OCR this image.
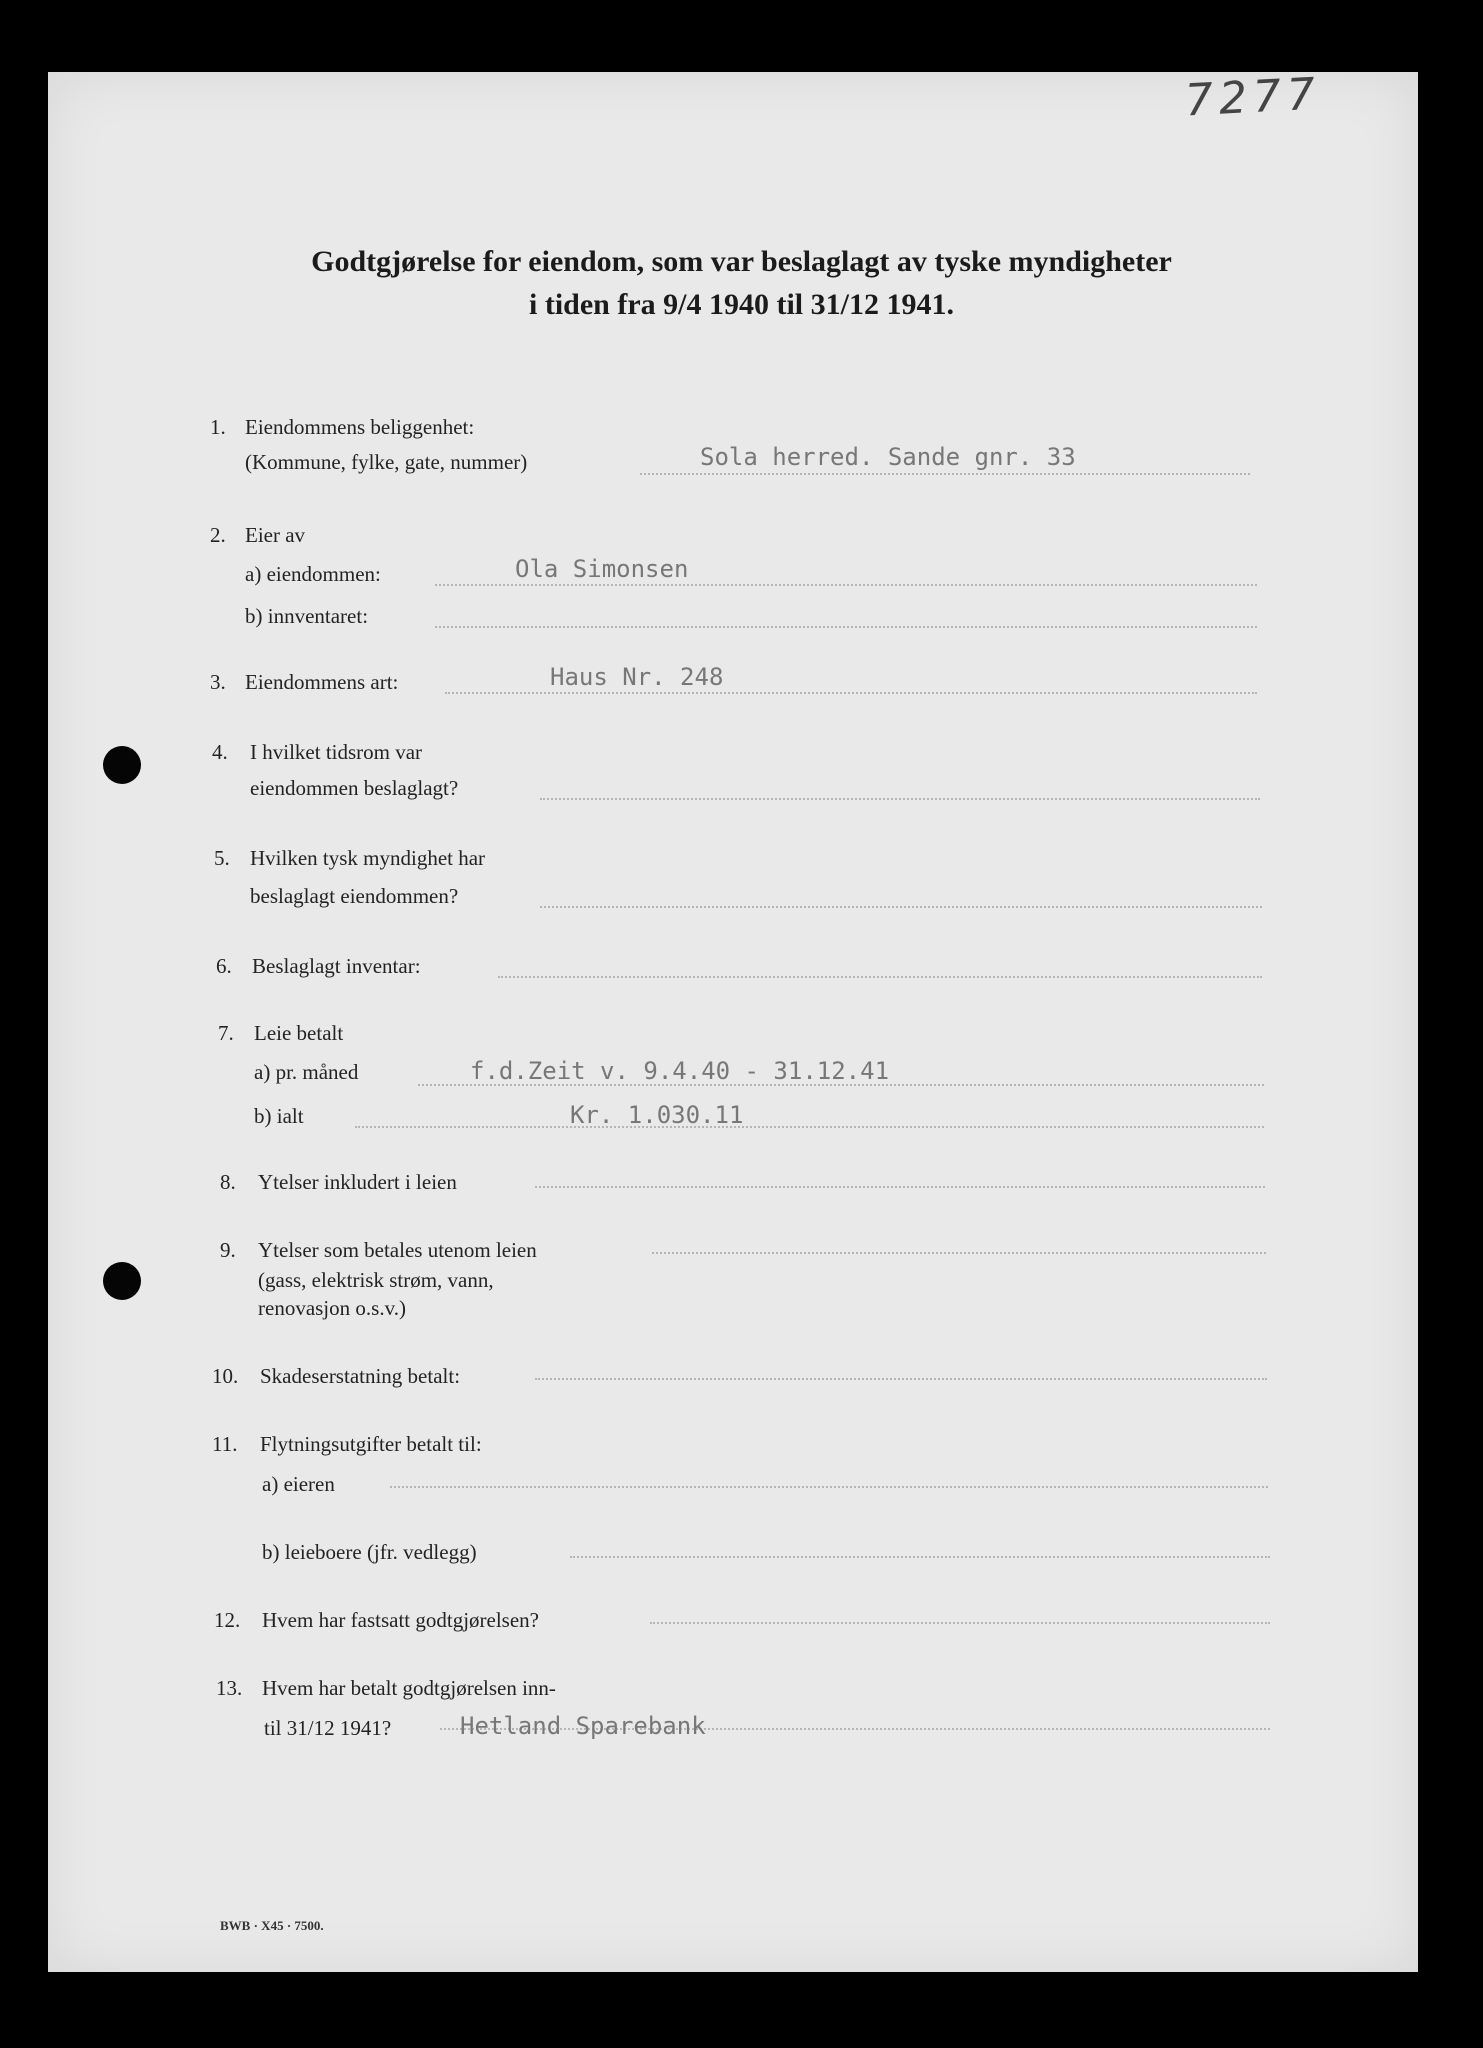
7277
Godtgjørelse for eiendom, som var beslaglagt av tyske myndigheter
i tiden fra 9/4 1940 til 31/12 1941.
1. Eiendommens beliggenhet:
(Kommune, fylke, gate, nummer)	Sola herred. Sande gnr. 33
2. Eier av
a) eiendommen:	Ola Simonsen
b) innventaret:
3. Eiendommens art:	Haus Nr. 248
4. I hvilket tidsrom var
eiendommen beslaglagt?
5. Hvilken tysk myndighet har
beslaglagt eiendommen?
6. Beslaglagt inventar:
7. Leie betalt
a) pr. måned	f.d.Zeit v. 9.4.40 - 31.12.41
b) ialt	Kr. 1.030.11
8. Ytelser inkludert i leien
9. Ytelser som betales utenom leien
(gass, elektrisk strøm, vann,
renovasjon o.s.v.)
10. Skadeserstatning betalt:
11. Flytningsutgifter betalt til:
a) eieren
b) leieboere (jfr. vedlegg)
12. Hvem har fastsatt godtgjørelsen?
13. Hvem har betalt godtgjørelsen inn-
til 31/12 1941?	Hetland Sparebank
BWB · X45 · 7500.
